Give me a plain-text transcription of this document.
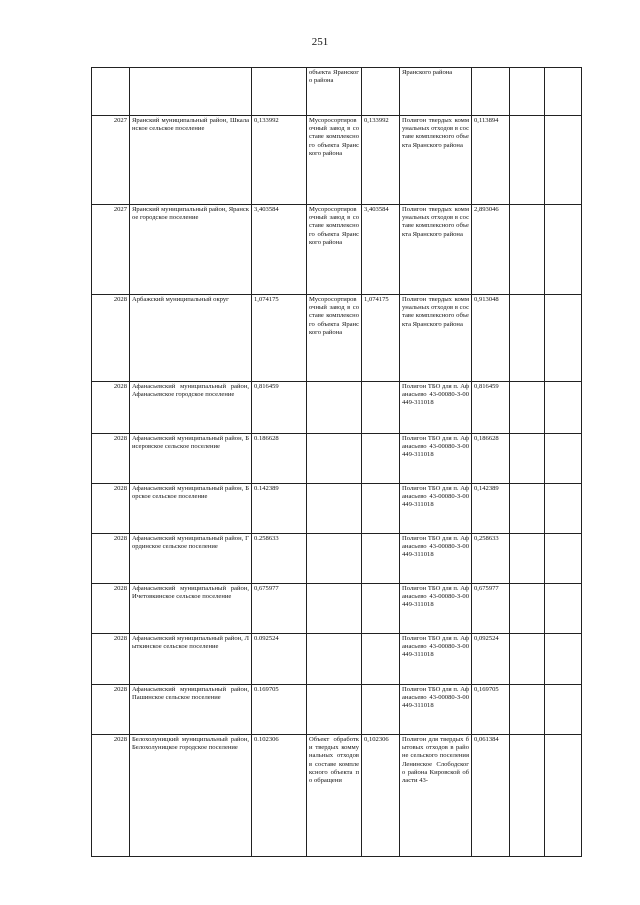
251
			объекта Яранского района		Яранского района			
2027	Яранский муниципальный район, Шкаланское сельское поселение	0,133992	Мусоросортировочный завод в составе комплексного объекта Яранского района	0,133992	Полигон твердых коммунальных отходов в составе комплексного объекта Яранского района	0,113894		
2027	Яранский муниципальный район, Яранское городское поселение	3,403584	Мусоросортировочный завод в составе комплексного объекта Яранского района	3,403584	Полигон твердых коммунальных отходов в составе комплексного объекта Яранского района	2,893046		
2028	Арбажский муниципальный округ	1,074175	Мусоросортировочный завод в составе комплексного объекта Яранского района	1,074175	Полигон твердых коммунальных отходов в составе комплексного объекта Яранского района	0,913048		
2028	Афанасьевский муниципальный район, Афанасьевское городское поселение	0,816459			Полигон ТБО для п. Афанасьево 43-00080-З-00449-311018	0,816459		
2028	Афанасьевский муниципальный район, Бисеровское сельское поселение	0.186628			Полигон ТБО для п. Афанасьево 43-00080-З-00449-311018	0,186628		
2028	Афанасьевский муниципальный район, Борское сельское поселение	0.142389			Полигон ТБО для п. Афанасьево 43-00080-З-00449-311018	0,142389		
2028	Афанасьевский муниципальный район, Гординское сельское поселение	0.258633			Полигон ТБО для п. Афанасьево 43-00080-З-00449-311018	0,258633		
2028	Афанасьевский муниципальный район, Ичетовкинское сельское поселение	0,675977			Полигон ТБО для п. Афанасьево 43-00080-З-00449-311018	0,675977		
2028	Афанасьевский муниципальный район, Лыткинское сельское поселение	0.092524			Полигон ТБО для п. Афанасьево 43-00080-З-00449-311018	0,092524		
2028	Афанасьевский муниципальный район, Пашинское сельское поселение	0.169705			Полигон ТБО для п. Афанасьево 43-00080-З-00449-311018	0,169705		
2028	Белохолуницкий муниципальный район, Белохолуницкое городское поселение	0.102306	Объект обработки твердых коммунальных отходов в составе комплексного объекта по обращени	0,102306	Полигон для твердых бытовых отходов в районе сельского поселения Ленинское Слободского района Кировской области 43-	0,061384		
